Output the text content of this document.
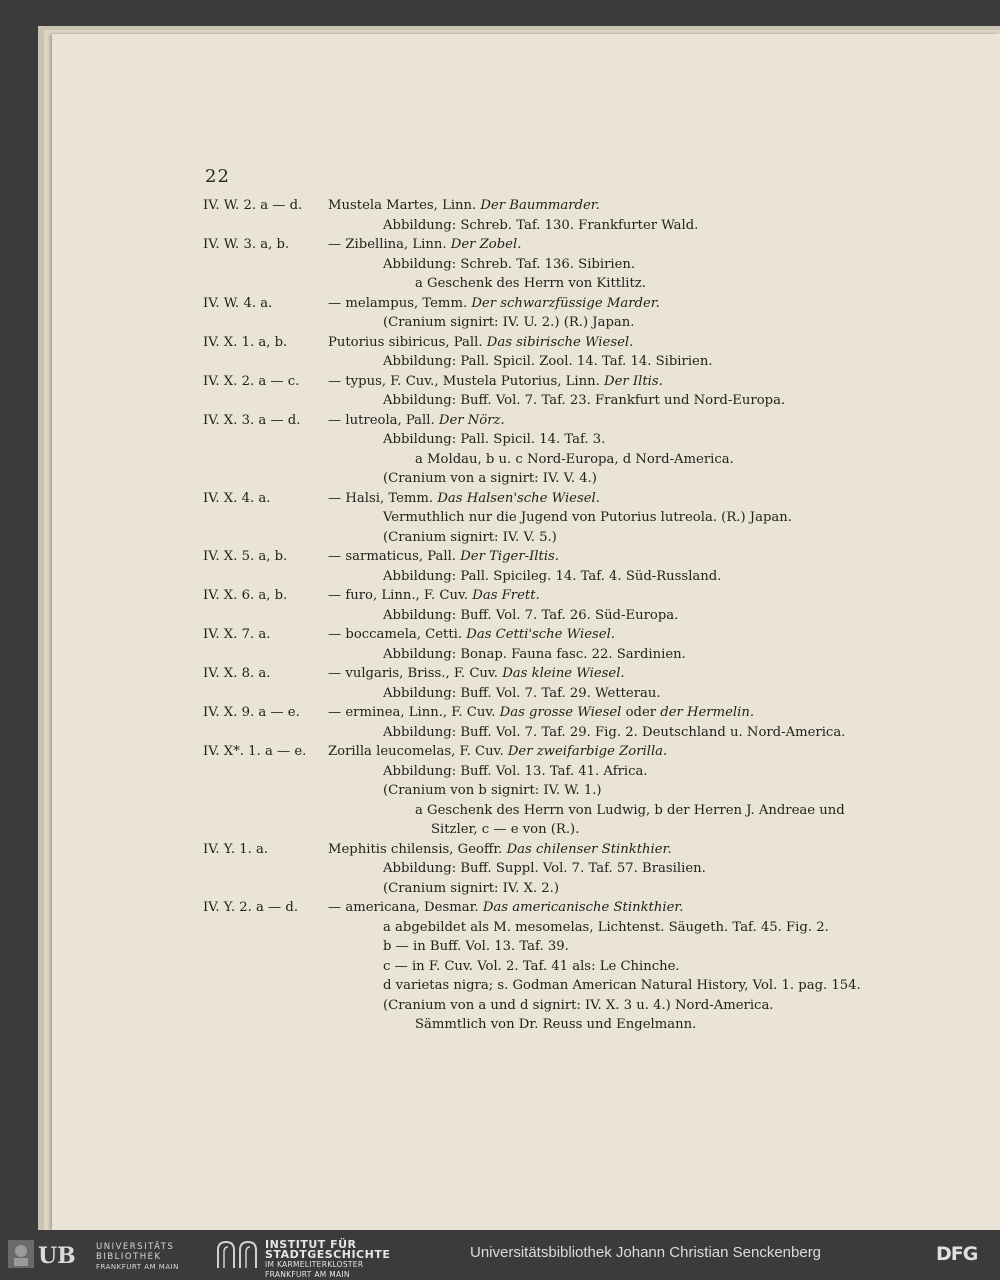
22
IV. W. 2. a — d. Mustela Martes, Linn. Der Baummarder.
Abbildung: Schreb. Taf. 130. Frankfurter Wald.
IV. W. 3. a, b.	— Zibellina, Linn. Der Zobel.
Abbildung: Schreb. Taf. 136. Sibirien.
a Geschenk des Herrn von Kittlitz.
IV. W. 4. a.	— melampus, Temm. Der schwarzfüssige Marder.
(Cranium signirt: IV. U. 2.) (R.) Japan.
IV. X. 1. a, b.	Putorius sibiricus, Pall. Das sibirische Wiesel.
Abbildung: Pall. Spicil. Zool. 14. Taf. 14. Sibirien.
IV. X. 2. a — c. — typus, F. Cuv., Mustela Putorius, Linn. Der Iltis.
Abbildung: Buff. Vol. 7. Taf. 23. Frankfurt und Nord-Europa.
IV. X. 3. a — d. — lutreola, Pall. Der Nörz.
Abbildung: Pall. Spicil. 14. Taf. 3.
a Moldau, b u. c Nord-Europa, d Nord-America.
(Cranium von a signirt: IV. V. 4.)
IV. X. 4. a.	— Halsi, Temm. Das Halsen'sche Wiesel.
Vermuthlich nur die Jugend von Putorius lutreola. (R.) Japan.
(Cranium signirt: IV. V. 5.)
IV. X. 5. a, b.	— sarmaticus, Pall. Der Tiger-Iltis.
Abbildung: Pall. Spicileg. 14. Taf. 4. Süd-Russland.
IV. X. 6. a, b.	— furo, Linn., F. Cuv. Das Frett.
Abbildung: Buff. Vol. 7. Taf. 26. Süd-Europa.
IV. X. 7. a.	— boccamela, Cetti. Das Cetti'sche Wiesel.
Abbildung: Bonap. Fauna fasc. 22. Sardinien.
IV. X. 8. a.	— vulgaris, Briss., F. Cuv. Das kleine Wiesel.
Abbildung: Buff. Vol. 7. Taf. 29. Wetterau.
IV. X. 9. a — e. — erminea, Linn., F. Cuv. Das grosse Wiesel oder der Hermelin.
Abbildung: Buff. Vol. 7. Taf. 29. Fig. 2. Deutschland u. Nord-America.
IV. X*. 1. a — e. Zorilla leucomelas, F. Cuv. Der zweifarbige Zorilla.
Abbildung: Buff. Vol. 13. Taf. 41. Africa.
(Cranium von b signirt: IV. W. 1.)
a Geschenk des Herrn von Ludwig, b der Herren J. Andreae und
Sitzler, c — e von (R.).
IV. Y. 1. a.	Mephitis chilensis, Geoffr. Das chilenser Stinkthier.
Abbildung: Buff. Suppl. Vol. 7. Taf. 57. Brasilien.
(Cranium signirt: IV. X. 2.)
IV. Y. 2. a — d. — americana, Desmar. Das americanische Stinkthier.
a abgebildet als M. mesomelas, Lichtenst. Säugeth. Taf. 45. Fig. 2.
b — in Buff. Vol. 13. Taf. 39.
c — in F. Cuv. Vol. 2. Taf. 41 als: Le Chinche.
d varietas nigra; s. Godman American Natural History, Vol. 1. pag. 154.
(Cranium von a und d signirt: IV. X. 3 u. 4.) Nord-America.
Sämmtlich von Dr. Reuss und Engelmann.
UB UNIVERSITÄTS
BIBLIOTHEK
FRANKFURT AM MAIN
INSTITUT FÜR
STADTGESCHICHTE
IM KARMELITERKLOSTER
FRANKFURT AM MAIN
Universitätsbibliothek Johann Christian Senckenberg	DFG
